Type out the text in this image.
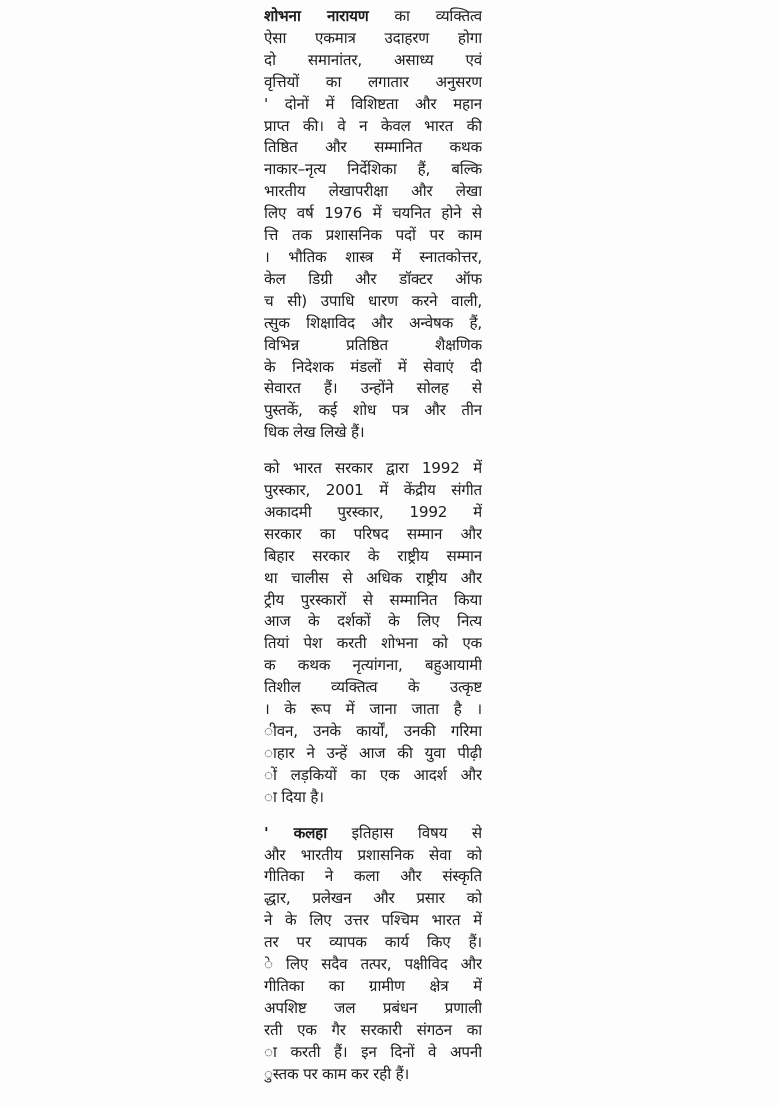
शोभना नारायण का व्यक्तित्व
ऐसा एकमात्र उदाहरण होगा
दो समानांतर, असाध्य एवं
वृत्तियों का लगातार अनुसरण
' दोनों में विशिष्टता और महान
प्राप्त की। वे न केवल भारत की
तिष्ठित और सम्मानित कथक
नाकार–नृत्य निर्देशिका हैं, बल्कि
भारतीय लेखापरीक्षा और लेखा
लिए वर्ष 1976 में चयनित होने से
त्ति तक प्रशासनिक पदों पर काम
। भौतिक शास्त्र में स्नातकोत्तर,
केल डिग्री और डॉक्टर ऑफ
च सी) उपाधि धारण करने वाली,
त्सुक शिक्षाविद और अन्वेषक हैं,
विभिन्न प्रतिष्ठित शैक्षणिक
के निदेशक मंडलों में सेवाएं दी
सेवारत हैं। उन्होंने सोलह से
पुस्तकें, कई शोध पत्र और तीन
धिक लेख लिखे हैं।
को भारत सरकार द्वारा 1992 में
पुरस्कार, 2001 में केंद्रीय संगीत
अकादमी पुरस्कार, 1992 में
सरकार का परिषद सम्मान और
बिहार सरकार के राष्ट्रीय सम्मान
था चालीस से अधिक राष्ट्रीय और
ट्रीय पुरस्कारों से सम्मानित किया
आज के दर्शकों के लिए नित्य
तियां पेश करती शोभना को एक
क कथक नृत्यांगना, बहुआयामी
तिशील व्यक्तित्व के उत्कृष्ट
। के रूप में जाना जाता है ।
ीवन, उनके कार्यों, उनकी गरिमा
ाहार ने उन्हें आज की युवा पीढ़ी
ों लड़कियों का एक आदर्श और
ा दिया है।
' कलहा इतिहास विषय से
और भारतीय प्रशासनिक सेवा को
गीतिका ने कला और संस्कृति
द्धार, प्रलेखन और प्रसार को
ने के लिए उत्तर पश्चिम भारत में
तर पर व्यापक कार्य किए हैं।
े लिए सदैव तत्पर, पक्षीविद और
गीतिका का ग्रामीण क्षेत्र में
अपशिष्ट जल प्रबंधन प्रणाली
रती एक गैर सरकारी संगठन का
ा करती हैं। इन दिनों वे अपनी
ुस्तक पर काम कर रही हैं।
